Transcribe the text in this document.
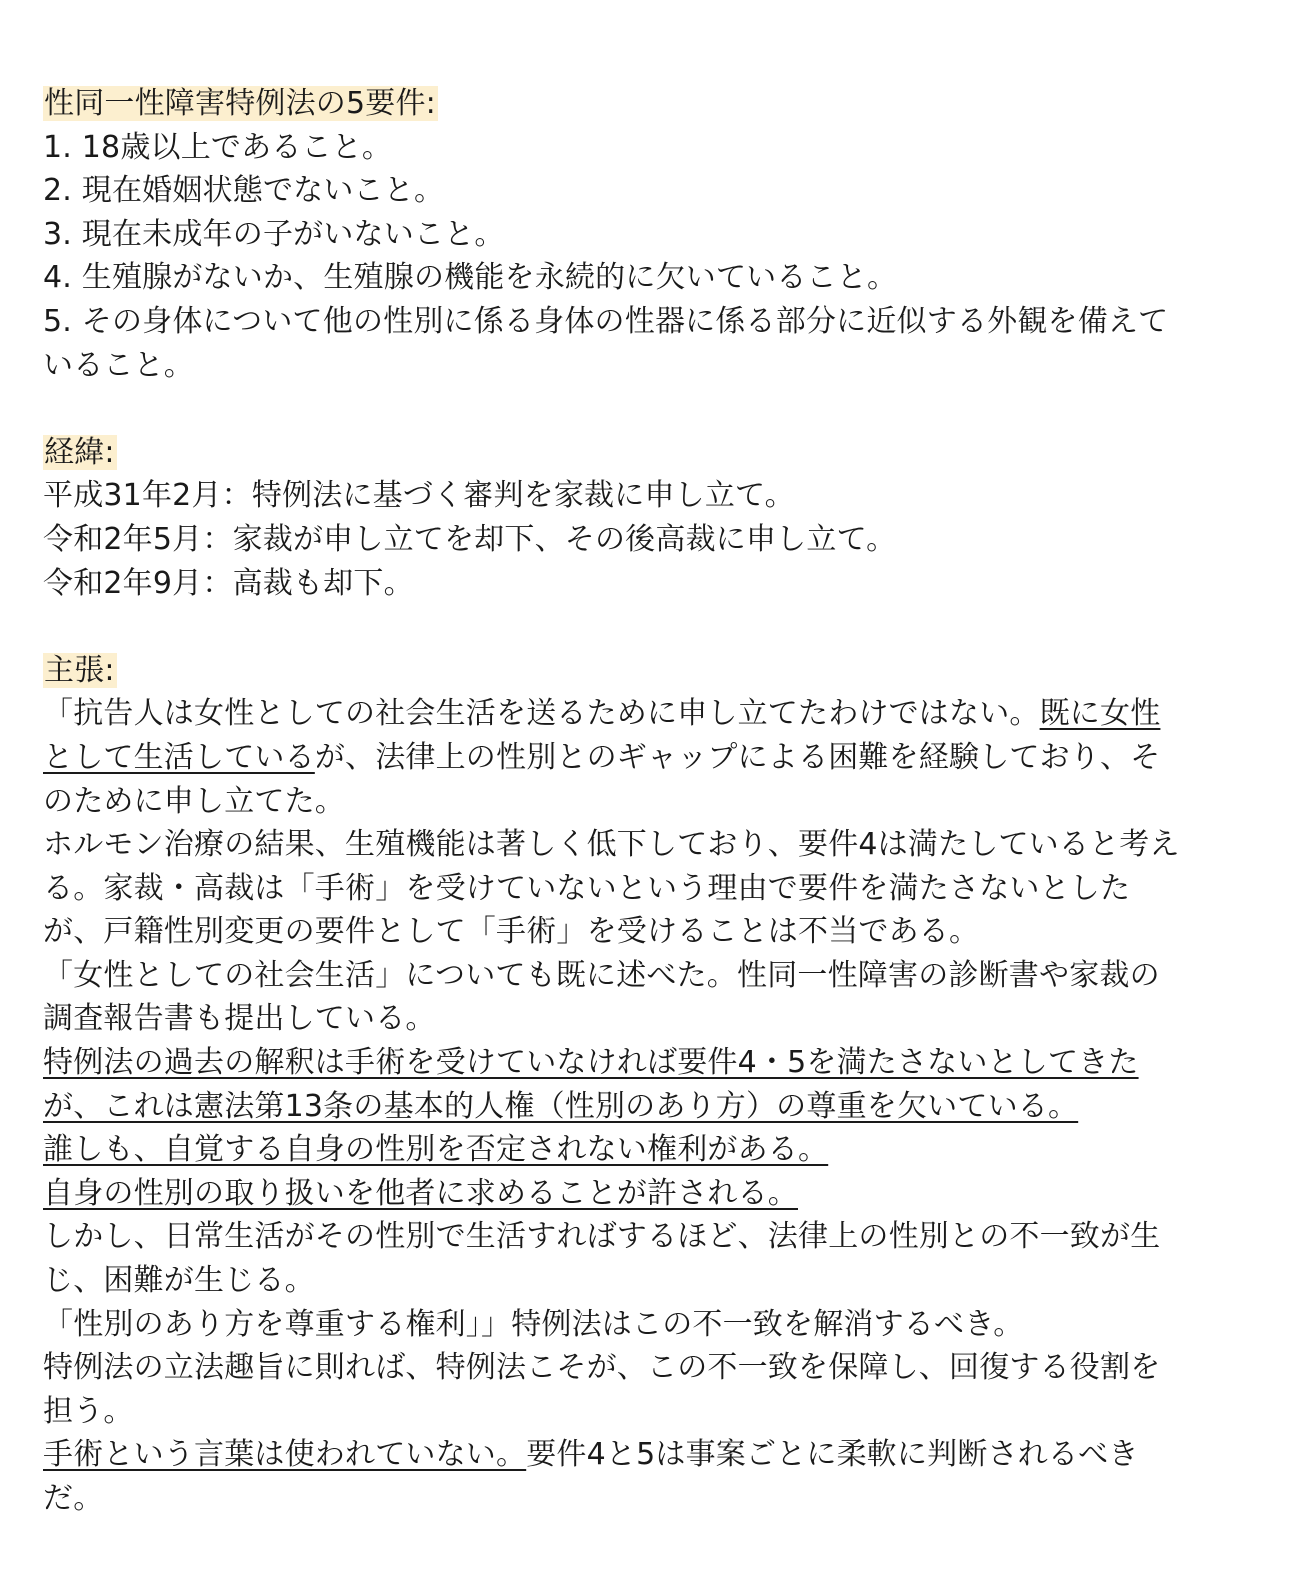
性同一性障害特例法の5要件:
1. 18歳以上であること。
2. 現在婚姻状態でないこと。
3. 現在未成年の子がいないこと。
4. 生殖腺がないか、生殖腺の機能を永続的に欠いていること。
5. その身体について他の性別に係る身体の性器に係る部分に近似する外観を備えて
いること。
経緯:
平成31年2月：特例法に基づく審判を家裁に申し立て。
令和2年5月：家裁が申し立てを却下、その後高裁に申し立て。
令和2年9月：高裁も却下。
主張:
「抗告人は女性としての社会生活を送るために申し立てたわけではない。既に女性
として生活しているが、法律上の性別とのギャップによる困難を経験しており、そ
のために申し立てた。
ホルモン治療の結果、生殖機能は著しく低下しており、要件4は満たしていると考え
る。家裁・高裁は「手術」を受けていないという理由で要件を満たさないとした
が、戸籍性別変更の要件として「手術」を受けることは不当である。
「女性としての社会生活」についても既に述べた。性同一性障害の診断書や家裁の
調査報告書も提出している。
特例法の過去の解釈は手術を受けていなければ要件4・5を満たさないとしてきた
が、これは憲法第13条の基本的人権（性別のあり方）の尊重を欠いている。
誰しも、自覚する自身の性別を否定されない権利がある。
自身の性別の取り扱いを他者に求めることが許される。
しかし、日常生活がその性別で生活すればするほど、法律上の性別との不一致が生
じ、困難が生じる。
「性別のあり方を尊重する権利」」特例法はこの不一致を解消するべき。
特例法の立法趣旨に則れば、特例法こそが、この不一致を保障し、回復する役割を
担う。
手術という言葉は使われていない。要件4と5は事案ごとに柔軟に判断されるべき
だ。
